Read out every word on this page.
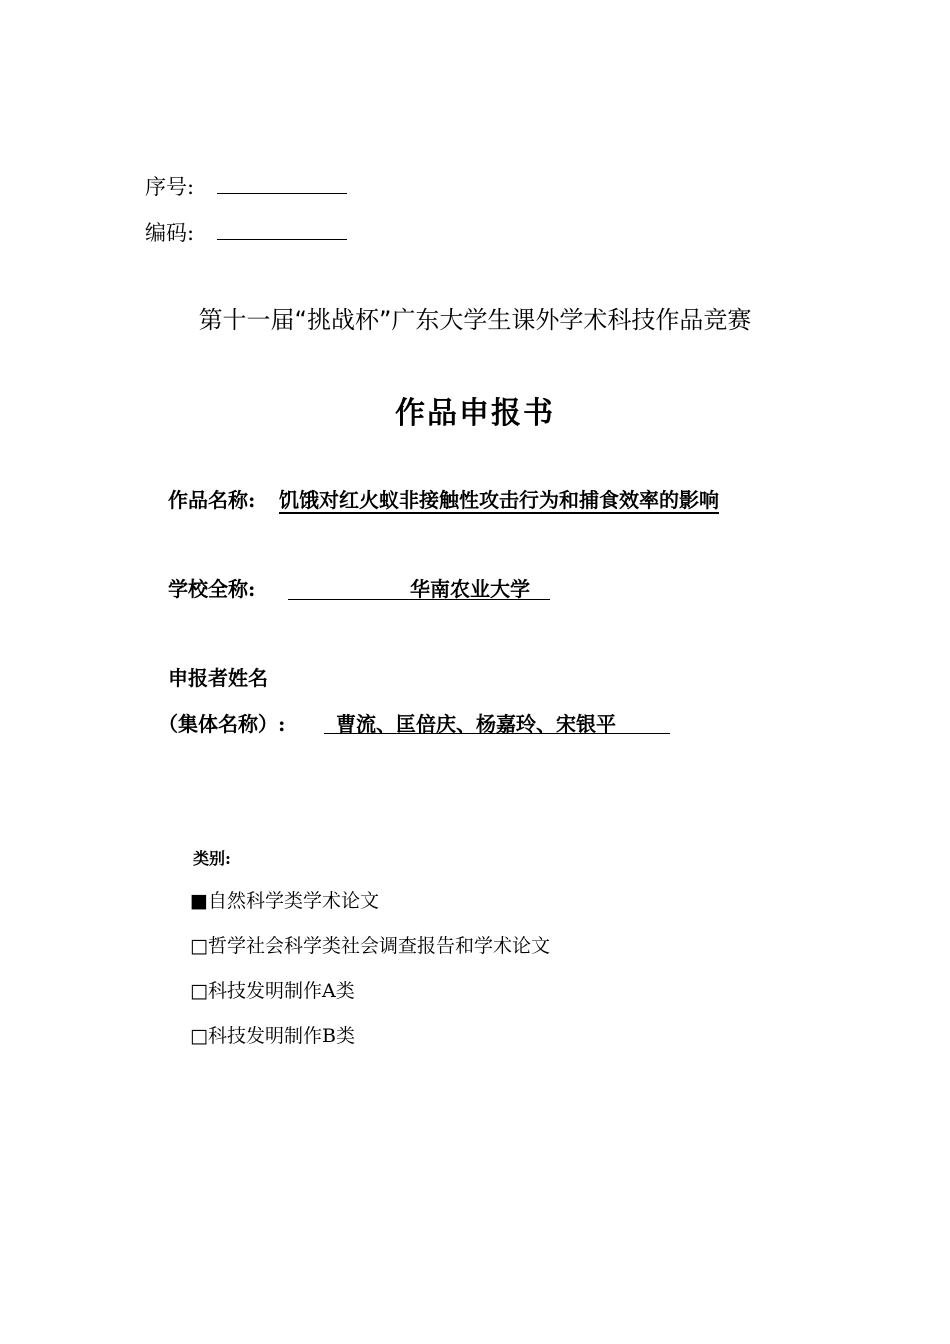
序号:
编码:
第十一届“挑战杯”广东大学生课外学术科技作品竞赛
作品申报书
作品名称: 饥饿对红火蚁非接触性攻击行为和捕食效率的影响
学校全称:	华南农业大学
申报者姓名
（集体名称）:	曹流、匡倍庆、杨嘉玲、宋银平
类别:
■自然科学类学术论文
□哲学社会科学类社会调查报告和学术论文
□科技发明制作A类
□科技发明制作B类
